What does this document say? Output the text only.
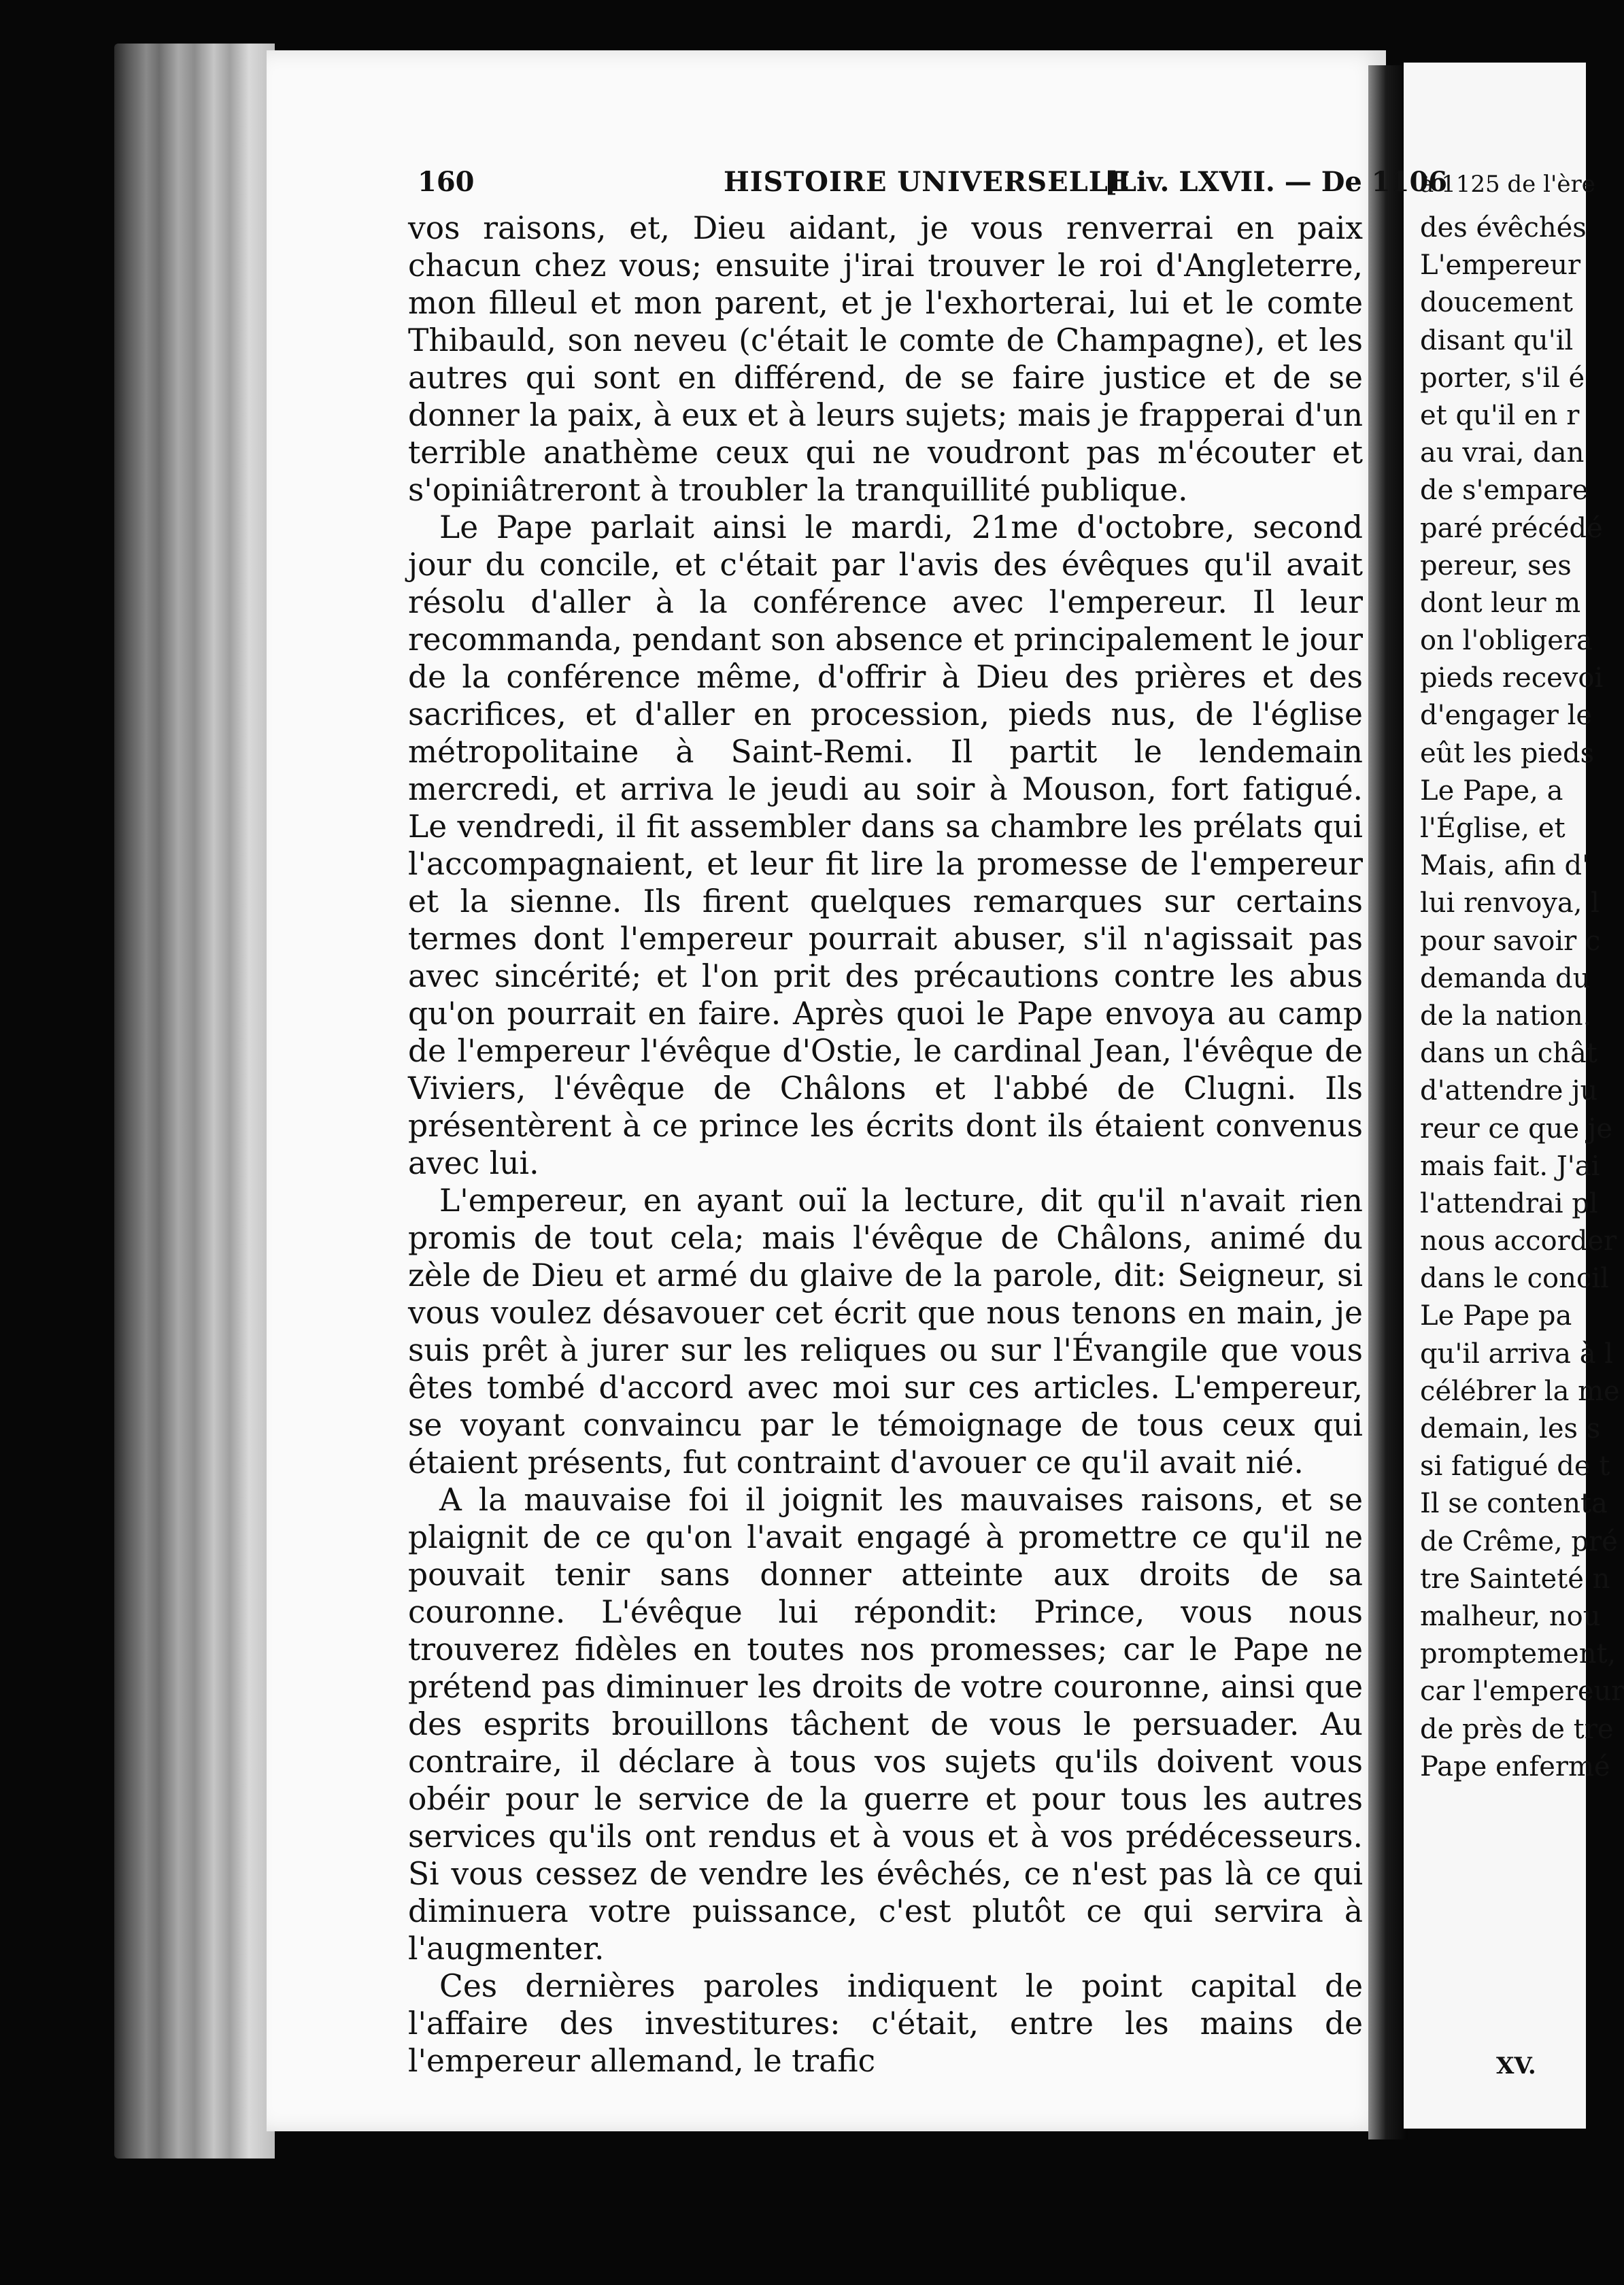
160	HISTOIRE UNIVERSELLE
[Liv. LXVII. — De 1106

vos raisons, et, Dieu aidant, je vous renverrai en paix chacun chez vous; ensuite j'irai trouver le roi d'Angleterre, mon filleul et mon parent, et je l'exhorterai, lui et le comte Thibauld, son neveu (c'était le comte de Champagne), et les autres qui sont en différend, de se faire justice et de se donner la paix, à eux et à leurs sujets; mais je frapperai d'un terrible anathème ceux qui ne voudront pas m'écouter et s'opiniâtreront à troubler la tranquillité publique.

Le Pape parlait ainsi le mardi, 21me d'octobre, second jour du concile, et c'était par l'avis des évêques qu'il avait résolu d'aller à la conférence avec l'empereur. Il leur recommanda, pendant son absence et principalement le jour de la conférence même, d'offrir à Dieu des prières et des sacrifices, et d'aller en procession, pieds nus, de l'église métropolitaine à Saint-Remi. Il partit le lendemain mercredi, et arriva le jeudi au soir à Mouson, fort fatigué. Le vendredi, il fit assembler dans sa chambre les prélats qui l'accompagnaient, et leur fit lire la promesse de l'empereur et la sienne. Ils firent quelques remarques sur certains termes dont l'empereur pourrait abuser, s'il n'agissait pas avec sincérité; et l'on prit des précautions contre les abus qu'on pourrait en faire. Après quoi le Pape envoya au camp de l'empereur l'évêque d'Ostie, le cardinal Jean, l'évêque de Viviers, l'évêque de Châlons et l'abbé de Clugni. Ils présentèrent à ce prince les écrits dont ils étaient convenus avec lui.

L'empereur, en ayant ouï la lecture, dit qu'il n'avait rien promis de tout cela; mais l'évêque de Châlons, animé du zèle de Dieu et armé du glaive de la parole, dit: Seigneur, si vous voulez désavouer cet écrit que nous tenons en main, je suis prêt à jurer sur les reliques ou sur l'Évangile que vous êtes tombé d'accord avec moi sur ces articles. L'empereur, se voyant convaincu par le témoignage de tous ceux qui étaient présents, fut contraint d'avouer ce qu'il avait nié.

A la mauvaise foi il joignit les mauvaises raisons, et se plaignit de ce qu'on l'avait engagé à promettre ce qu'il ne pouvait tenir sans donner atteinte aux droits de sa couronne. L'évêque lui répondit: Prince, vous nous trouverez fidèles en toutes nos promesses; car le Pape ne prétend pas diminuer les droits de votre couronne, ainsi que des esprits brouillons tâchent de vous le persuader. Au contraire, il déclare à tous vos sujets qu'ils doivent vous obéir pour le service de la guerre et pour tous les autres services qu'ils ont rendus et à vous et à vos prédécesseurs. Si vous cessez de vendre les évêchés, ce n'est pas là ce qui diminuera votre puissance, c'est plutôt ce qui servira à l'augmenter.

Ces dernières paroles indiquent le point capital de l'affaire des investitures: c'était, entre les mains de l'empereur allemand, le trafic

à 1125 de l'ère
des évêchés
L'empereur
doucement
disant qu'il
porter, s'il é
et qu'il en r
au vrai, dan
de s'empare
paré précédé
pereur, ses
dont leur m
on l'obligera
pieds recevoi
d'engager le
eût les pieds
Le Pape, a
l'Église, et
Mais, afin d'
lui renvoya, l
pour savoir c
demanda du
de la nation.
dans un chât
d'attendre ju
reur ce que je
mais fait. J'ai
l'attendrai pl
nous accorder
dans le concil
Le Pape pa
qu'il arriva à l
célébrer la me
demain, les s
si fatigué de t
Il se contenta
de Crême, pré
tre Sainteté n
malheur, nou
promptement,
car l'empereur
de près de tre
Pape enfermé
XV.
